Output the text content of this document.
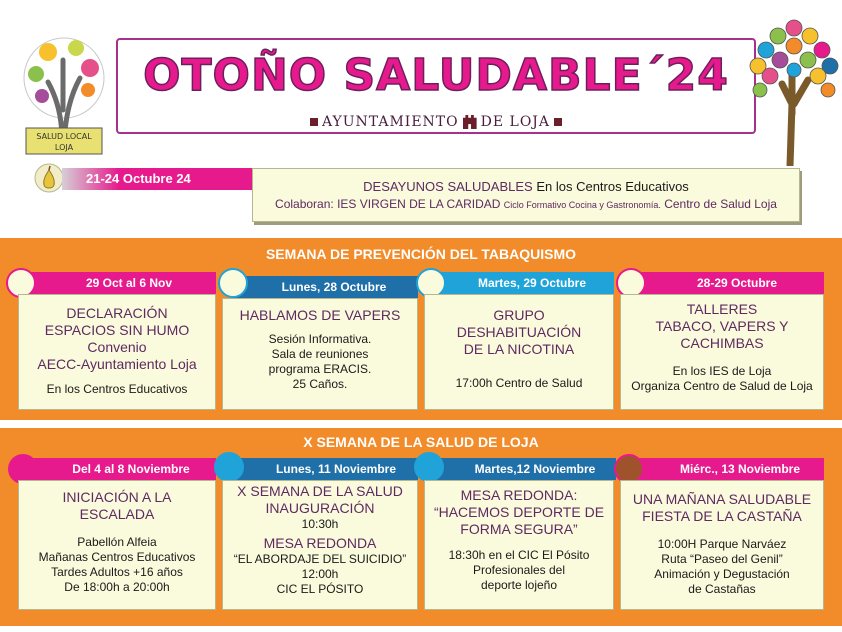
SALUD LOCAL
LOJA
OTOÑO SALUDABLE´24
AYUNTAMIENTO DE LOJA
21-24 Octubre 24
DESAYUNOS SALUDABLES En los Centros Educativos
Colaboran: IES VIRGEN DE LA CARIDAD Ciclo Formativo Cocina y Gastronomía. Centro de Salud Loja
SEMANA DE PREVENCIÓN DEL TABAQUISMO
X SEMANA DE LA SALUD DE LOJA
29 Oct al 6 Nov
DECLARACIÓN
ESPACIOS SIN HUMO
Convenio
AECC-Ayuntamiento Loja
En los Centros Educativos
Lunes, 28 Octubre
HABLAMOS DE VAPERS
Sesión Informativa.
Sala de reuniones
programa ERACIS.
25 Caños.
Martes, 29 Octubre
GRUPO
DESHABITUACIÓN
DE LA NICOTINA
17:00h Centro de Salud
28-29 Octubre
TALLERES
TABACO, VAPERS Y
CACHIMBAS
En los IES de Loja
Organiza Centro de Salud de Loja
Del 4 al 8 Noviembre
INICIACIÓN A LA
ESCALADA
Pabellón Alfeia
Mañanas Centros Educativos
Tardes Adultos +16 años
De 18:00h a 20:00h
Lunes, 11 Noviembre
X SEMANA DE LA SALUD
INAUGURACIÓN
10:30h
MESA REDONDA
“EL ABORDAJE DEL SUICIDIO”
12:00h
CIC EL PÓSITO
Martes,12 Noviembre
MESA REDONDA:
“HACEMOS DEPORTE DE
FORMA SEGURA”
18:30h en el CIC El Pósito
Profesionales del
deporte lojeño
Miérc., 13 Noviembre
UNA MAÑANA SALUDABLE
FIESTA DE LA CASTAÑA
10:00H Parque Narváez
Ruta “Paseo del Genil”
Animación y Degustación
de Castañas
